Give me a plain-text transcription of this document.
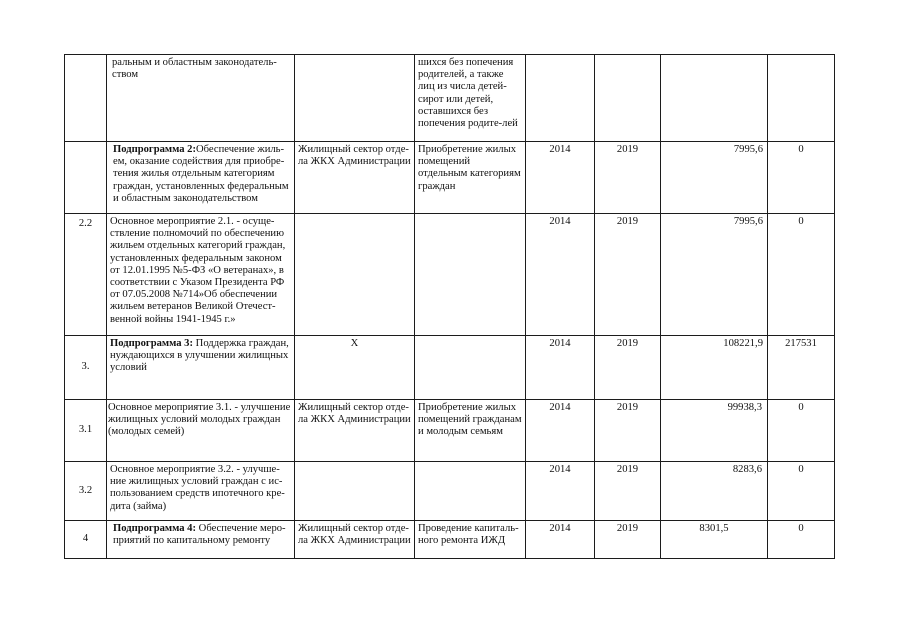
	ральным и областным законодатель-ством		шихся без попечения родителей, а также лиц из числа детей-сирот или детей, оставшихся без попечения родите-лей				
	Подпрограмма 2:Обеспечение жиль-ем, оказание содействия для приобре-тения жилья отдельным категориям граждан, установленных федеральным и областным законодательством	Жилищный сектор отде-ла ЖКХ Администрации	Приобретение жилых помещений отдельным категориям граждан	2014	2019	7995,6	0
2.2	Основное мероприятие 2.1. - осуще-ствление полномочий по обеспечению жильем отдельных категорий граждан, установленных федеральным законом от 12.01.1995 №5-ФЗ «О ветеранах», в соответствии с Указом Президента РФ от 07.05.2008 №714»Об обеспечении жильем ветеранов Великой Отечест-венной войны 1941-1945 г.»			2014	2019	7995,6	0
3.	Подпрограмма 3: Поддержка граждан, нуждающихся в улучшении жилищных условий	Х		2014	2019	108221,9	217531
3.1	Основное мероприятие 3.1. - улучшение жилищных условий молодых граждан (молодых семей)	Жилищный сектор отде-ла ЖКХ Администрации	Приобретение жилых помещений гражданам и молодым семьям	2014	2019	99938,3	0
3.2	Основное мероприятие 3.2. - улучше-ние жилищных условий граждан с ис-пользованием средств ипотечного кре-дита (займа)			2014	2019	8283,6	0
4	Подпрограмма 4: Обеспечение меро-приятий по капитальному ремонту	Жилищный сектор отде-ла ЖКХ Администрации	Проведение капиталь-ного ремонта ИЖД	2014	2019	8301,5	0
